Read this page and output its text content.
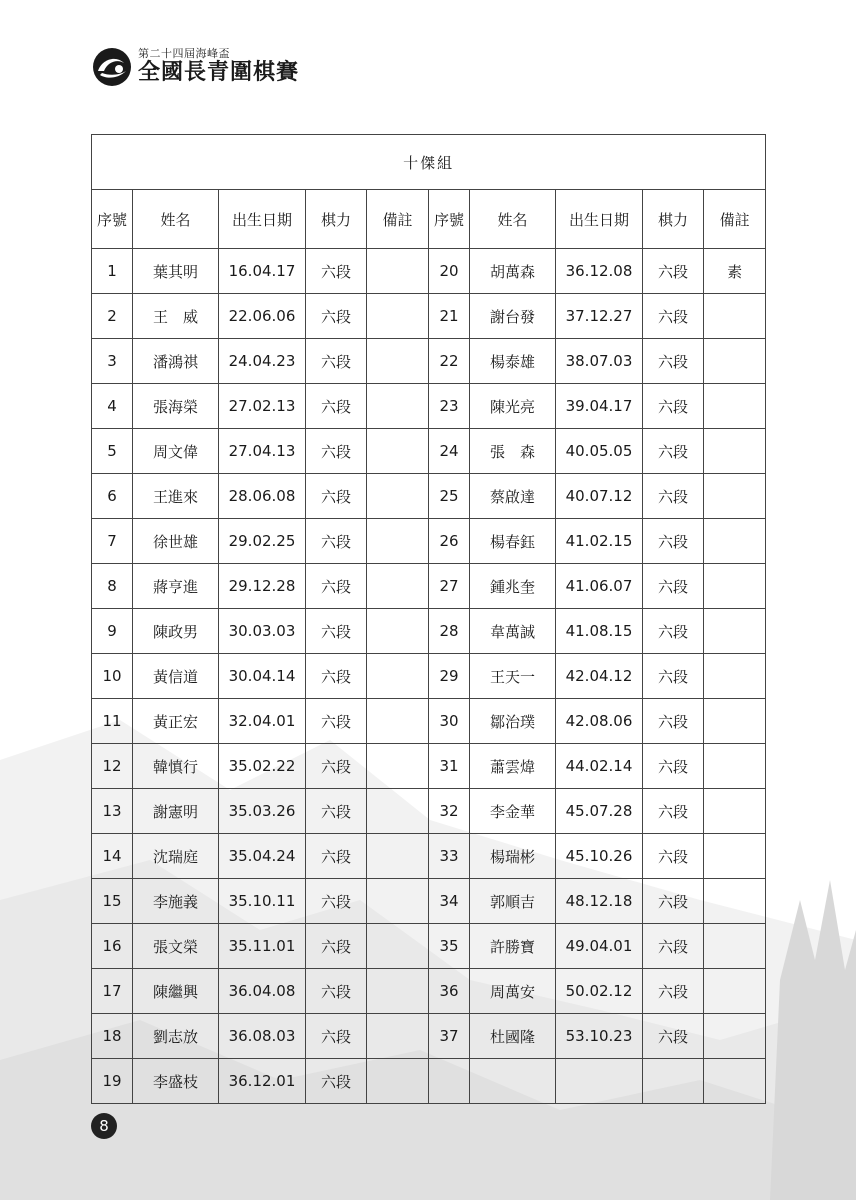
第二十四屆海峰盃
全國長青圍棋賽
十傑組									
序號	姓名	出生日期	棋力	備註	序號	姓名	出生日期	棋力	備註
1	葉其明	16.04.17	六段		20	胡萬森	36.12.08	六段	素
2	王　威	22.06.06	六段		21	謝台發	37.12.27	六段	
3	潘鴻祺	24.04.23	六段		22	楊泰雄	38.07.03	六段	
4	張海榮	27.02.13	六段		23	陳光亮	39.04.17	六段	
5	周文偉	27.04.13	六段		24	張　森	40.05.05	六段	
6	王進來	28.06.08	六段		25	蔡啟達	40.07.12	六段	
7	徐世雄	29.02.25	六段		26	楊春鈺	41.02.15	六段	
8	蔣亨進	29.12.28	六段		27	鍾兆奎	41.06.07	六段	
9	陳政男	30.03.03	六段		28	韋萬誠	41.08.15	六段	
10	黃信道	30.04.14	六段		29	王天一	42.04.12	六段	
11	黃正宏	32.04.01	六段		30	鄒治璞	42.08.06	六段	
12	韓慎行	35.02.22	六段		31	蕭雲煒	44.02.14	六段	
13	謝憲明	35.03.26	六段		32	李金華	45.07.28	六段	
14	沈瑞庭	35.04.24	六段		33	楊瑞彬	45.10.26	六段	
15	李施義	35.10.11	六段		34	郭順吉	48.12.18	六段	
16	張文榮	35.11.01	六段		35	許勝寶	49.04.01	六段	
17	陳繼興	36.04.08	六段		36	周萬安	50.02.12	六段	
18	劉志放	36.08.03	六段		37	杜國隆	53.10.23	六段	
19	李盛枝	36.12.01	六段						
8
